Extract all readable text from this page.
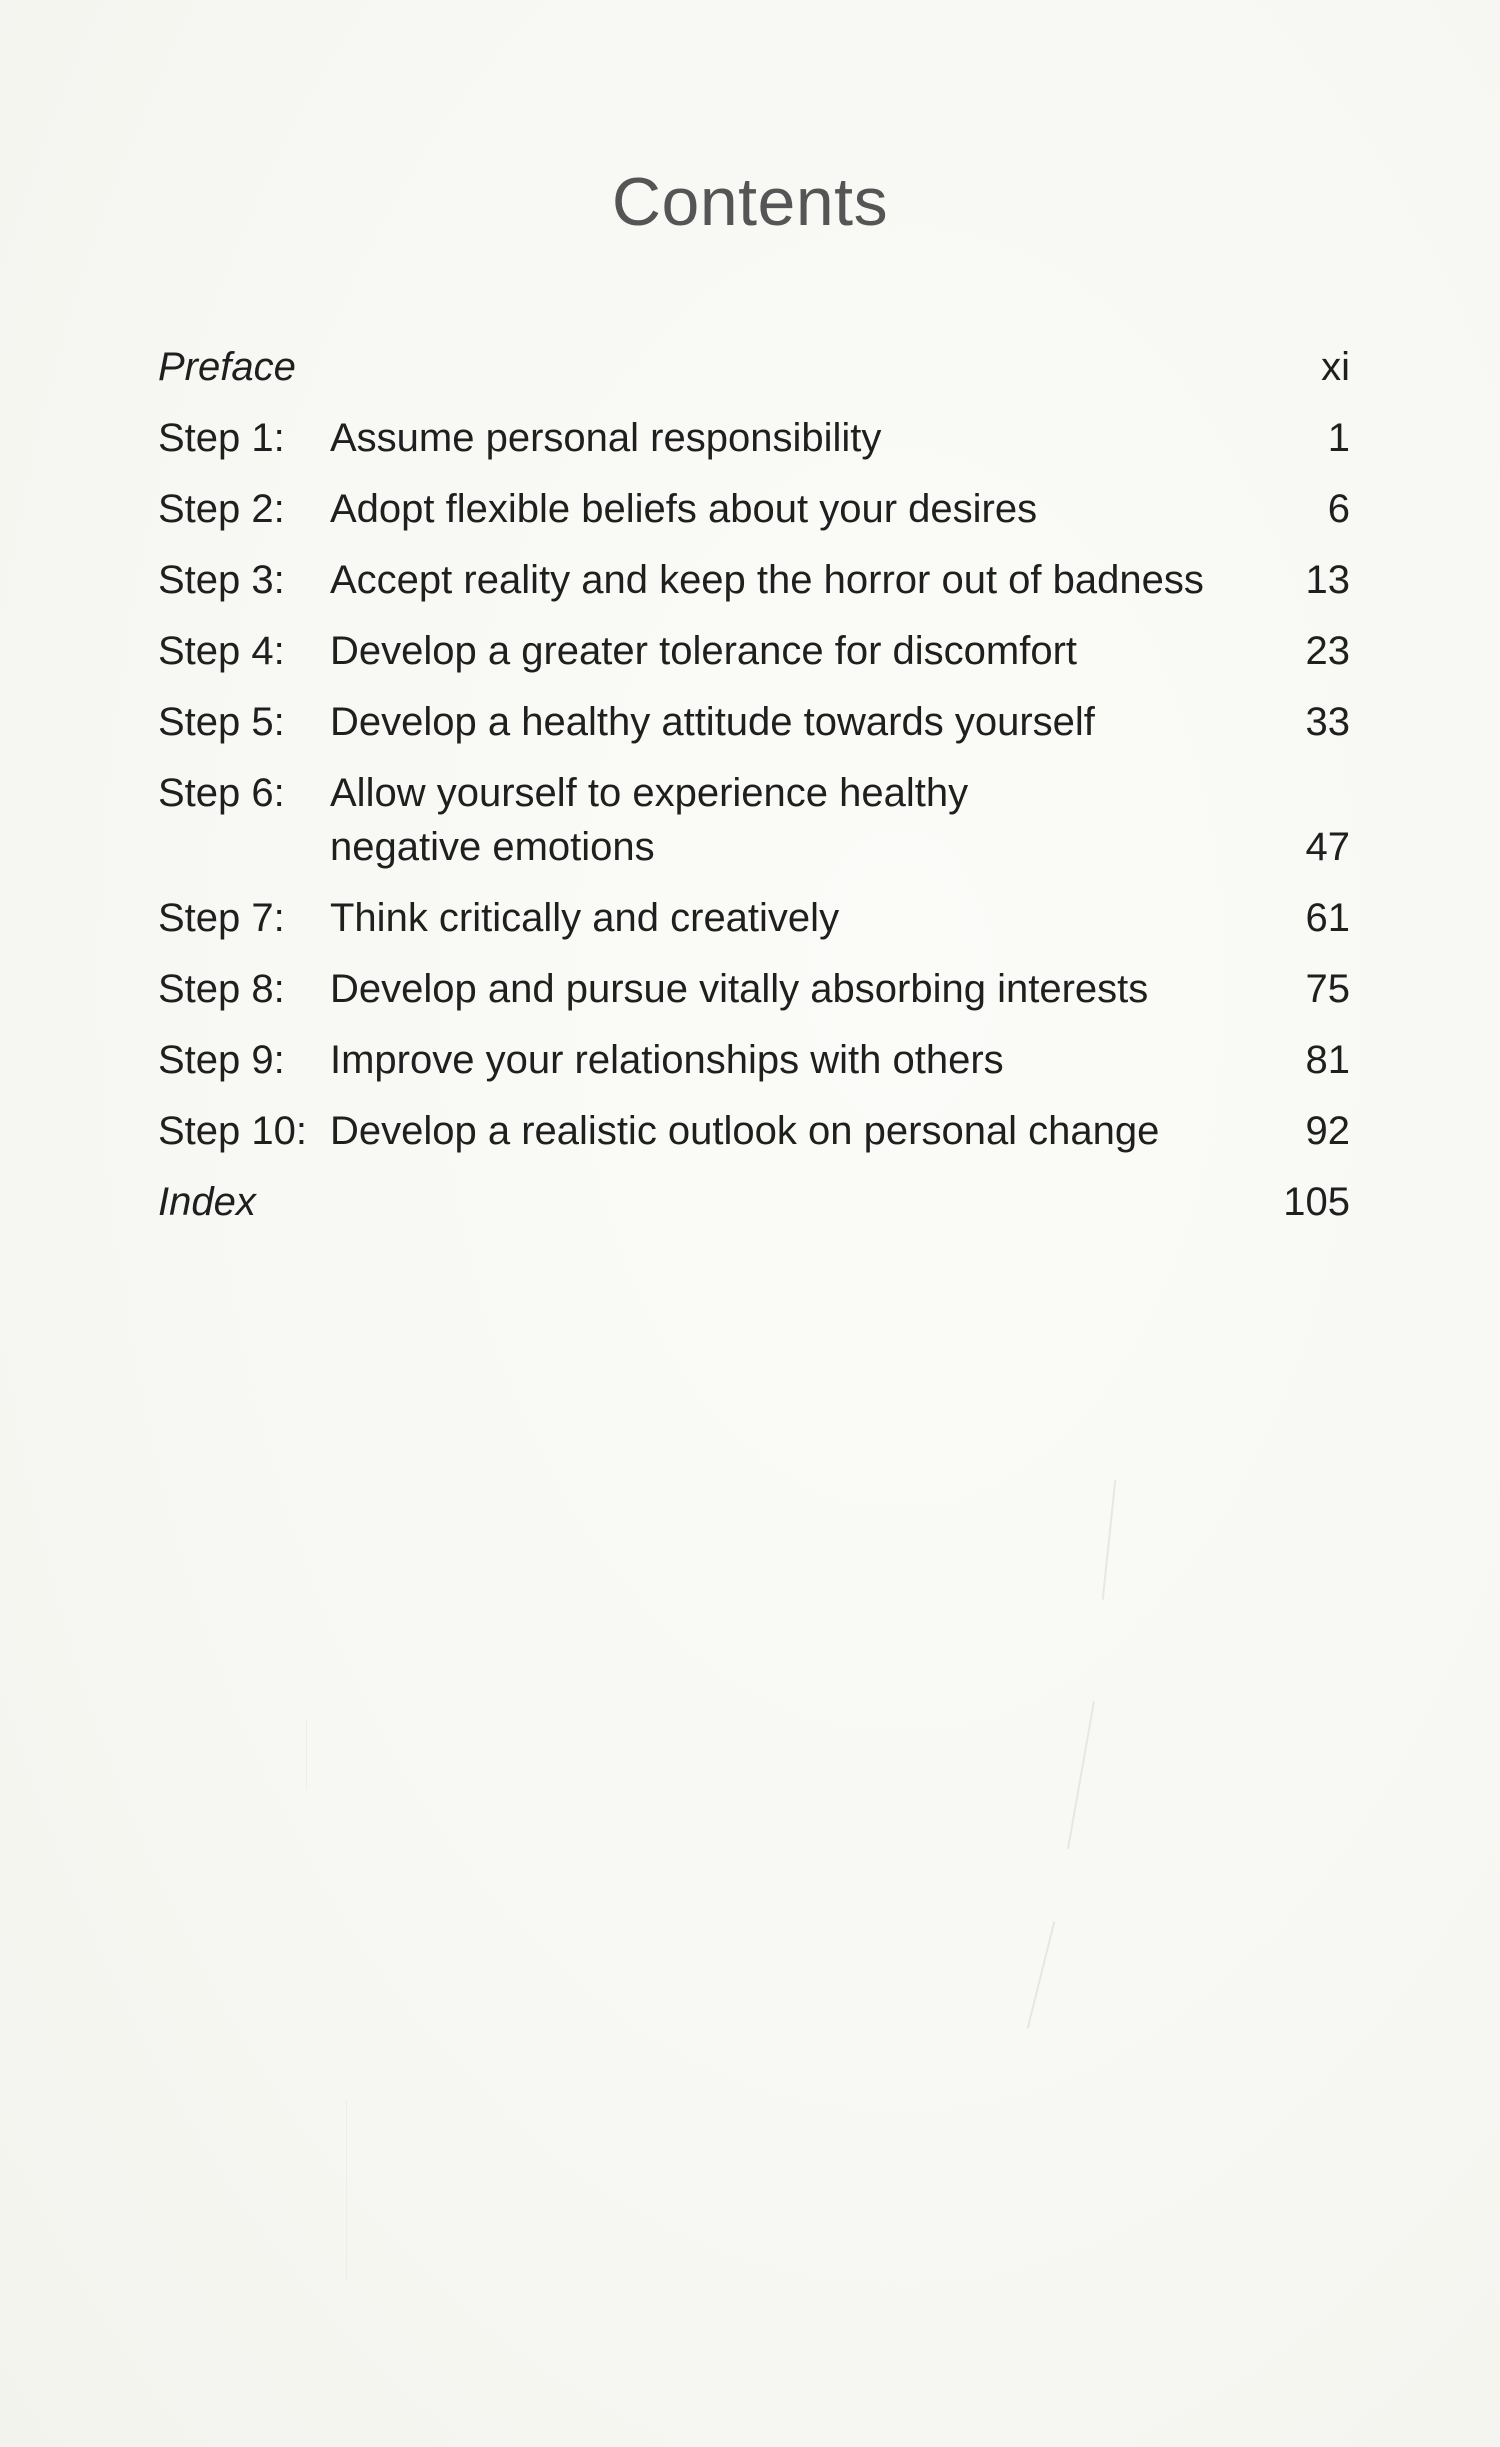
Contents
Preface	xi
Step 1: Assume personal responsibility	1
Step 2: Adopt flexible beliefs about your desires	6
Step 3: Accept reality and keep the horror out of badness	13
Step 4: Develop a greater tolerance for discomfort	23
Step 5: Develop a healthy attitude towards yourself	33
Step 6: Allow yourself to experience healthy
negative emotions	47
Step 7: Think critically and creatively	61
Step 8: Develop and pursue vitally absorbing interests	75
Step 9: Improve your relationships with others	81
Step 10: Develop a realistic outlook on personal change	92
Index	105
